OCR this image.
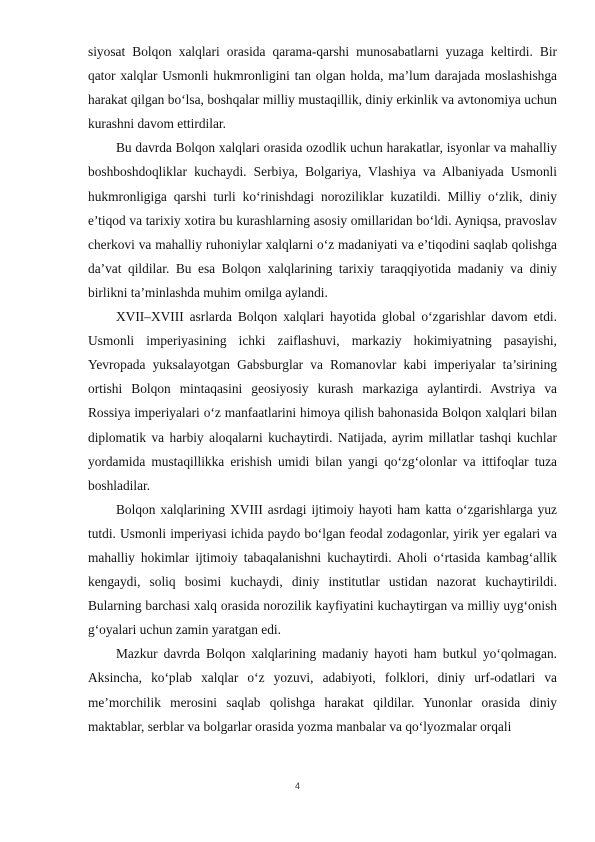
siyosat Bolqon xalqlari orasida qarama-qarshi munosabatlarni yuzaga keltirdi. Bir qator xalqlar Usmonli hukmronligini tan olgan holda, ma’lum darajada moslashishga harakat qilgan bo‘lsa, boshqalar milliy mustaqillik, diniy erkinlik va avtonomiya uchun kurashni davom ettirdilar.

Bu davrda Bolqon xalqlari orasida ozodlik uchun harakatlar, isyonlar va mahalliy boshboshdoqliklar kuchaydi. Serbiya, Bolgariya, Vlashiya va Albaniyada Usmonli hukmronligiga qarshi turli ko‘rinishdagi noroziliklar kuzatildi. Milliy o‘zlik, diniy e’tiqod va tarixiy xotira bu kurashlarning asosiy omillaridan bo‘ldi. Ayniqsa, pravoslav cherkovi va mahalliy ruhoniylar xalqlarni o‘z madaniyati va e’tiqodini saqlab qolishga da’vat qildilar. Bu esa Bolqon xalqlarining tarixiy taraqqiyotida madaniy va diniy birlikni ta’minlashda muhim omilga aylandi.

XVII–XVIII asrlarda Bolqon xalqlari hayotida global o‘zgarishlar davom etdi. Usmonli imperiyasining ichki zaiflashuvi, markaziy hokimiyatning pasayishi, Yevropada yuksalayotgan Gabsburglar va Romanovlar kabi imperiyalar ta’sirining ortishi Bolqon mintaqasini geosiyosiy kurash markaziga aylantirdi. Avstriya va Rossiya imperiyalari o‘z manfaatlarini himoya qilish bahonasida Bolqon xalqlari bilan diplomatik va harbiy aloqalarni kuchaytirdi. Natijada, ayrim millatlar tashqi kuchlar yordamida mustaqillikka erishish umidi bilan yangi qo‘zg‘olonlar va ittifoqlar tuza boshladilar.

Bolqon xalqlarining XVIII asrdagi ijtimoiy hayoti ham katta o‘zgarishlarga yuz tutdi. Usmonli imperiyasi ichida paydo bo‘lgan feodal zodagonlar, yirik yer egalari va mahalliy hokimlar ijtimoiy tabaqalanishni kuchaytirdi. Aholi o‘rtasida kambag‘allik kengaydi, soliq bosimi kuchaydi, diniy institutlar ustidan nazorat kuchaytirildi. Bularning barchasi xalq orasida norozilik kayfiyatini kuchaytirgan va milliy uyg‘onish g‘oyalari uchun zamin yaratgan edi.

Mazkur davrda Bolqon xalqlarining madaniy hayoti ham butkul yo‘qolmagan. Aksincha, ko‘plab xalqlar o‘z yozuvi, adabiyoti, folklori, diniy urf-odatlari va me’morchilik merosini saqlab qolishga harakat qildilar. Yunonlar orasida diniy maktablar, serblar va bolgarlar orasida yozma manbalar va qo‘lyozmalar orqali

4
